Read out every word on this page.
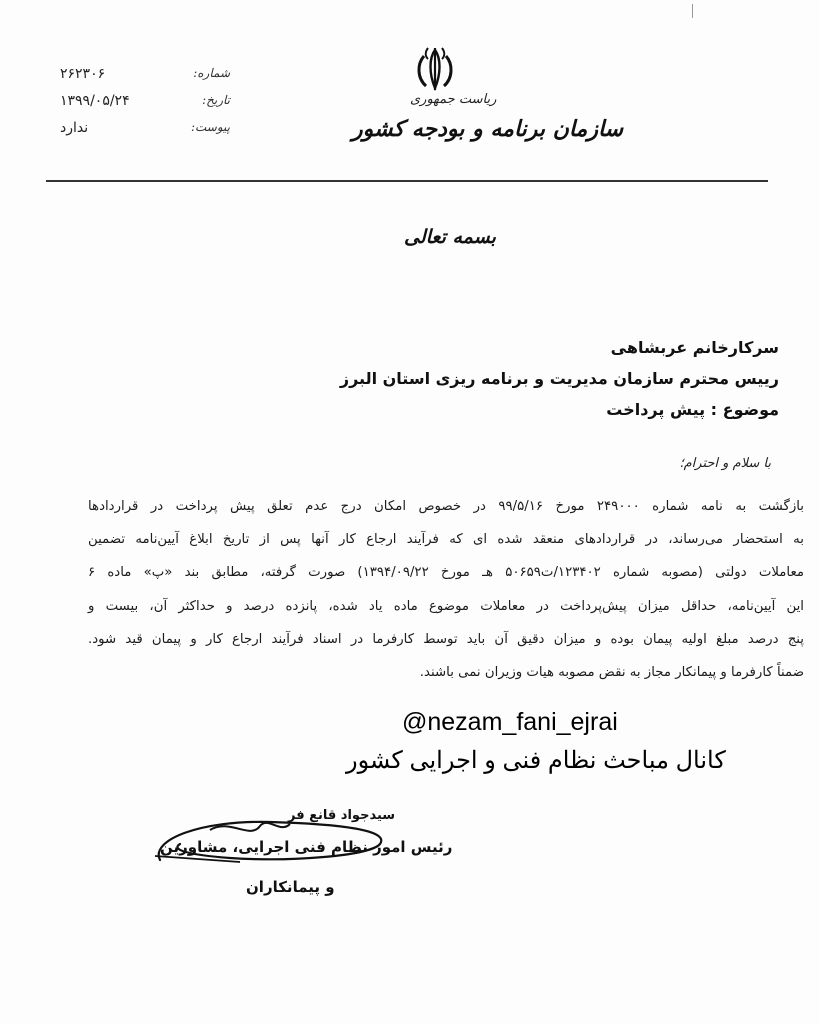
شماره:
۲۶۲۳۰۶
تاریخ:
۱۳۹۹/۰۵/۲۴
پیوست:
ندارد
ریاست جمهوری
سازمان برنامه و بودجه کشور
بسمه تعالی
سرکارخانم عربشاهی
رییس محترم سازمان مدیریت و برنامه ریزی استان البرز
موضوع : پیش پرداخت
با سلام و احترام؛
بازگشت به نامه شماره ۲۴۹۰۰۰ مورخ ۹۹/۵/۱۶ در خصوص امکان درج عدم تعلق پیش پرداخت در قراردادها
به استحضار می‌رساند، در قراردادهای منعقد شده ای که فرآیند ارجاع کار آنها پس از تاریخ ابلاغ آیین‌نامه تضمین
معاملات دولتی (مصوبه شماره ۱۲۳۴۰۲/ت۵۰۶۵۹ هـ مورخ ۱۳۹۴/۰۹/۲۲) صورت گرفته، مطابق بند «پ» ماده ۶
این آیین‌نامه، حداقل میزان پیش‌پرداخت در معاملات موضوع ماده یاد شده، پانزده درصد و حداکثر آن، بیست و
پنج درصد مبلغ اولیه پیمان بوده و میزان دقیق آن باید توسط کارفرما در اسناد فرآیند ارجاع کار و پیمان قید شود.
ضمناً کارفرما و پیمانکار مجاز به نقض مصوبه هیات وزیران نمی باشند.
@nezam_fani_ejrai
کانال مباحث نظام فنی و اجرایی کشور
سیدجواد قانع فر
رئیس امور نظام فنی اجرایی، مشاورین
و پیمانکاران
